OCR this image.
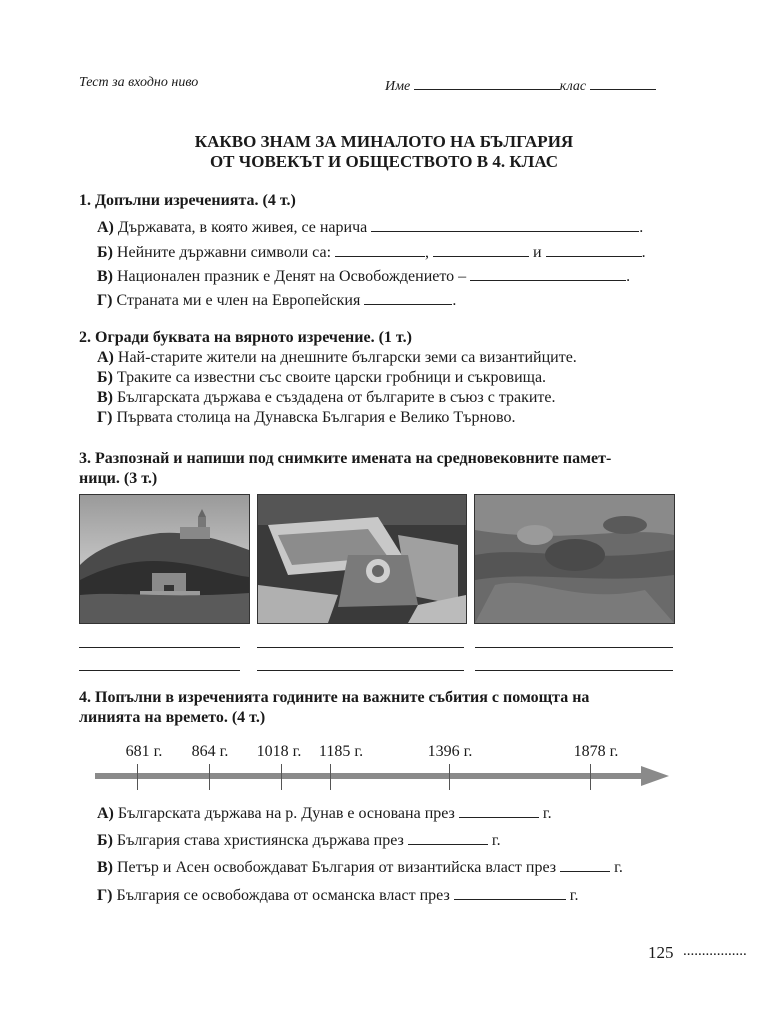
Тест за входно ниво	Име	клас
КАКВО ЗНАМ ЗА МИНАЛОТО НА БЪЛГАРИЯ
ОТ ЧОВЕКЪТ И ОБЩЕСТВОТО В 4. КЛАС
1. Допълни изреченията. (4 т.)
А) Държавата, в която живея, се нарича	.
Б) Нейните държавни символи са:	,	и	.
В) Национален празник е Денят на Освобождението –	.
Г) Страната ми е член на Европейския	.
2. Огради буквата на вярното изречение. (1 т.)
А) Най-старите жители на днешните български земи са византийците.
Б) Траките са известни със своите царски гробници и съкровища.
В) Българската държава е създадена от българите в съюз с траките.
Г) Първата столица на Дунавска България е Велико Търново.
3. Разпознай и напиши под снимките имената на средновековните памет-
ници. (3 т.)
4. Попълни в изреченията годините на важните събития с помощта на
линията на времето. (4 т.)
681 г. 864 г. 1018 г. 1185 г.	1396 г.	1878 г.
А) Българската държава на р. Дунав е основана през	г.
Б) България става християнска държава през	г.
В) Петър и Асен освобождават България от византийска власт през	г.
Г) България се освобождава от османска власт през	г.
125 .................
